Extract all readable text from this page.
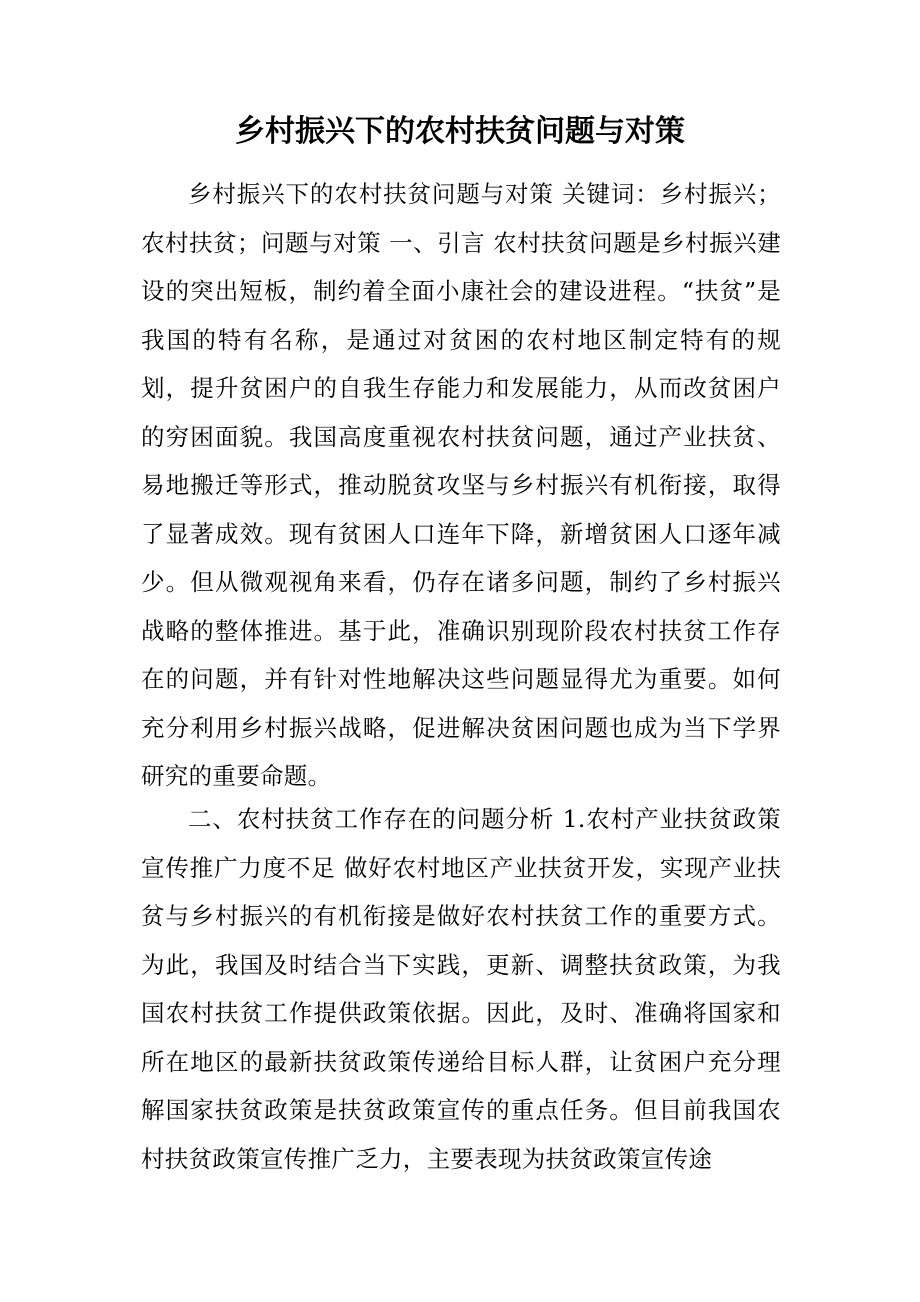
乡村振兴下的农村扶贫问题与对策

乡村振兴下的农村扶贫问题与对策 关键词：乡村振兴；农村扶贫；问题与对策 一、引言 农村扶贫问题是乡村振兴建设的突出短板，制约着全面小康社会的建设进程。“扶贫”是我国的特有名称，是通过对贫困的农村地区制定特有的规划，提升贫困户的自我生存能力和发展能力，从而改贫困户的穷困面貌。我国高度重视农村扶贫问题，通过产业扶贫、易地搬迁等形式，推动脱贫攻坚与乡村振兴有机衔接，取得了显著成效。现有贫困人口连年下降，新增贫困人口逐年减少。但从微观视角来看，仍存在诸多问题，制约了乡村振兴战略的整体推进。基于此，准确识别现阶段农村扶贫工作存在的问题，并有针对性地解决这些问题显得尤为重要。如何充分利用乡村振兴战略，促进解决贫困问题也成为当下学界研究的重要命题。

二、农村扶贫工作存在的问题分析 1.农村产业扶贫政策宣传推广力度不足 做好农村地区产业扶贫开发，实现产业扶贫与乡村振兴的有机衔接是做好农村扶贫工作的重要方式。为此，我国及时结合当下实践，更新、调整扶贫政策，为我国农村扶贫工作提供政策依据。因此，及时、准确将国家和所在地区的最新扶贫政策传递给目标人群，让贫困户充分理解国家扶贫政策是扶贫政策宣传的重点任务。但目前我国农村扶贫政策宣传推广乏力，主要表现为扶贫政策宣传途
